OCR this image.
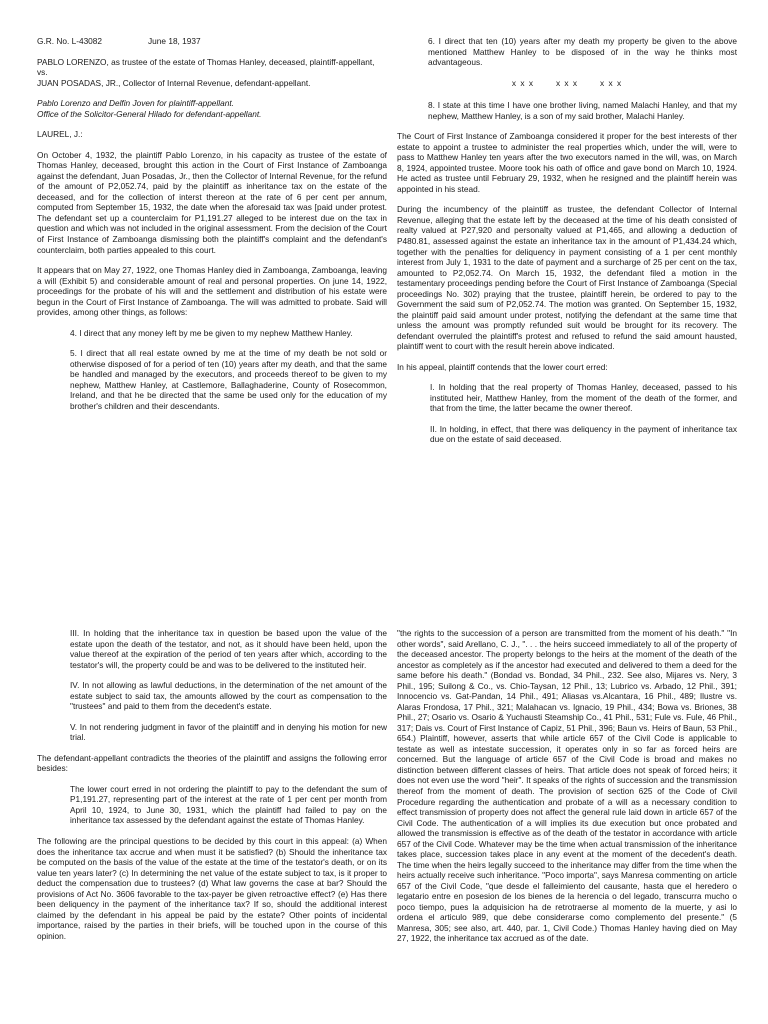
G.R. No. L-43082	June 18, 1937

PABLO LORENZO, as trustee of the estate of Thomas Hanley, deceased, plaintiff-appellant,
vs.
JUAN POSADAS, JR., Collector of Internal Revenue, defendant-appellant.

Pablo Lorenzo and Delfin Joven for plaintiff-appellant.
Office of the Solicitor-General Hilado for defendant-appellant.

LAUREL, J.:

On October 4, 1932, the plaintiff Pablo Lorenzo, in his capacity as trustee of the estate of Thomas Hanley, deceased, brought this action in the Court of First Instance of Zamboanga against the defendant, Juan Posadas, Jr., then the Collector of Internal Revenue, for the refund of the amount of P2,052.74, paid by the plaintiff as inheritance tax on the estate of the deceased, and for the collection of interst thereon at the rate of 6 per cent per annum, computed from September 15, 1932, the date when the aforesaid tax was [paid under protest. The defendant set up a counterclaim for P1,191.27 alleged to be interest due on the tax in question and which was not included in the original assessment. From the decision of the Court of First Instance of Zamboanga dismissing both the plaintiff's complaint and the defendant's counterclaim, both parties appealed to this court.

It appears that on May 27, 1922, one Thomas Hanley died in Zamboanga, Zamboanga, leaving a will (Exhibit 5) and considerable amount of real and personal properties. On june 14, 1922, proceedings for the probate of his will and the settlement and distribution of his estate were begun in the Court of First Instance of Zamboanga. The will was admitted to probate. Said will provides, among other things, as follows:

4. I direct that any money left by me be given to my nephew Matthew Hanley.

5. I direct that all real estate owned by me at the time of my death be not sold or otherwise disposed of for a period of ten (10) years after my death, and that the same be handled and managed by the executors, and proceeds thereof to be given to my nephew, Matthew Hanley, at Castlemore, Ballaghaderine, County of Rosecommon, Ireland, and that he be directed that the same be used only for the education of my brother's children and their descendants.

6. I direct that ten (10) years after my death my property be given to the above mentioned Matthew Hanley to be disposed of in the way he thinks most advantageous.

x x x	x x x	x x x

8. I state at this time I have one brother living, named Malachi Hanley, and that my nephew, Matthew Hanley, is a son of my said brother, Malachi Hanley.

The Court of First Instance of Zamboanga considered it proper for the best interests of ther estate to appoint a trustee to administer the real properties which, under the will, were to pass to Matthew Hanley ten years after the two executors named in the will, was, on March 8, 1924, appointed trustee. Moore took his oath of office and gave bond on March 10, 1924. He acted as trustee until February 29, 1932, when he resigned and the plaintiff herein was appointed in his stead.

During the incumbency of the plaintiff as trustee, the defendant Collector of Internal Revenue, alleging that the estate left by the deceased at the time of his death consisted of realty valued at P27,920 and personalty valued at P1,465, and allowing a deduction of P480.81, assessed against the estate an inheritance tax in the amount of P1,434.24 which, together with the penalties for deliquency in payment consisting of a 1 per cent monthly interest from July 1, 1931 to the date of payment and a surcharge of 25 per cent on the tax, amounted to P2,052.74. On March 15, 1932, the defendant filed a motion in the testamentary proceedings pending before the Court of First Instance of Zamboanga (Special proceedings No. 302) praying that the trustee, plaintiff herein, be ordered to pay to the Government the said sum of P2,052.74. The motion was granted. On September 15, 1932, the plaintiff paid said amount under protest, notifying the defendant at the same time that unless the amount was promptly refunded suit would be brought for its recovery. The defendant overruled the plaintiff's protest and refused to refund the said amount hausted, plaintiff went to court with the result herein above indicated.

In his appeal, plaintiff contends that the lower court erred:

I. In holding that the real property of Thomas Hanley, deceased, passed to his instituted heir, Matthew Hanley, from the moment of the death of the former, and that from the time, the latter became the owner thereof.

II. In holding, in effect, that there was deliquency in the payment of inheritance tax due on the estate of said deceased.

III. In holding that the inheritance tax in question be based upon the value of the estate upon the death of the testator, and not, as it should have been held, upon the value thereof at the expiration of the period of ten years after which, according to the testator's will, the property could be and was to be delivered to the instituted heir.

IV. In not allowing as lawful deductions, in the determination of the net amount of the estate subject to said tax, the amounts allowed by the court as compensation to the "trustees" and paid to them from the decedent's estate.

V. In not rendering judgment in favor of the plaintiff and in denying his motion for new trial.

The defendant-appellant contradicts the theories of the plaintiff and assigns the following error besides:

The lower court erred in not ordering the plaintiff to pay to the defendant the sum of P1,191.27, representing part of the interest at the rate of 1 per cent per month from April 10, 1924, to June 30, 1931, which the plaintiff had failed to pay on the inheritance tax assessed by the defendant against the estate of Thomas Hanley.

The following are the principal questions to be decided by this court in this appeal: (a) When does the inheritance tax accrue and when must it be satisfied? (b) Should the inheritance tax be computed on the basis of the value of the estate at the time of the testator's death, or on its value ten years later? (c) In determining the net value of the estate subject to tax, is it proper to deduct the compensation due to trustees? (d) What law governs the case at bar? Should the provisions of Act No. 3606 favorable to the tax-payer be given retroactive effect? (e) Has there been deliquency in the payment of the inheritance tax? If so, should the additional interest claimed by the defendant in his appeal be paid by the estate? Other points of incidental importance, raised by the parties in their briefs, will be touched upon in the course of this opinion.

"the rights to the succession of a person are transmitted from the moment of his death." "In other words", said Arellano, C. J., ". . . the heirs succeed immediately to all of the property of the deceased ancestor. The property belongs to the heirs at the moment of the death of the ancestor as completely as if the ancestor had executed and delivered to them a deed for the same before his death." (Bondad vs. Bondad, 34 Phil., 232. See also, Mijares vs. Nery, 3 Phil., 195; Suilong & Co., vs. Chio-Taysan, 12 Phil., 13; Lubrico vs. Arbado, 12 Phil., 391; Innocencio vs. Gat-Pandan, 14 Phil., 491; Aliasas vs.Alcantara, 16 Phil., 489; Ilustre vs. Alaras Frondosa, 17 Phil., 321; Malahacan vs. Ignacio, 19 Phil., 434; Bowa vs. Briones, 38 Phil., 27; Osario vs. Osario & Yuchausti Steamship Co., 41 Phil., 531; Fule vs. Fule, 46 Phil., 317; Dais vs. Court of First Instance of Capiz, 51 Phil., 396; Baun vs. Heirs of Baun, 53 Phil., 654.) Plaintiff, however, asserts that while article 657 of the Civil Code is applicable to testate as well as intestate succession, it operates only in so far as forced heirs are concerned. But the language of article 657 of the Civil Code is broad and makes no distinction between different classes of heirs. That article does not speak of forced heirs; it does not even use the word "heir". It speaks of the rights of succession and the transmission thereof from the moment of death. The provision of section 625 of the Code of Civil Procedure regarding the authentication and probate of a will as a necessary condition to effect transmission of property does not affect the general rule laid down in article 657 of the Civil Code. The authentication of a will implies its due execution but once probated and allowed the transmission is effective as of the death of the testator in accordance with article 657 of the Civil Code. Whatever may be the time when actual transmission of the inheritance takes place, succession takes place in any event at the moment of the decedent's death. The time when the heirs legally succeed to the inheritance may differ from the time when the heirs actually receive such inheritance. "Poco importa", says Manresa commenting on article 657 of the Civil Code, "que desde el falleimiento del causante, hasta que el heredero o legatario entre en posesion de los bienes de la herencia o del legado, transcurra mucho o poco tiempo, pues la adquisicion ha de retrotraerse al momento de la muerte, y asi lo ordena el articulo 989, que debe considerarse como complemento del presente." (5 Manresa, 305; see also, art. 440, par. 1, Civil Code.) Thomas Hanley having died on May 27, 1922, the inheritance tax accrued as of the date.
